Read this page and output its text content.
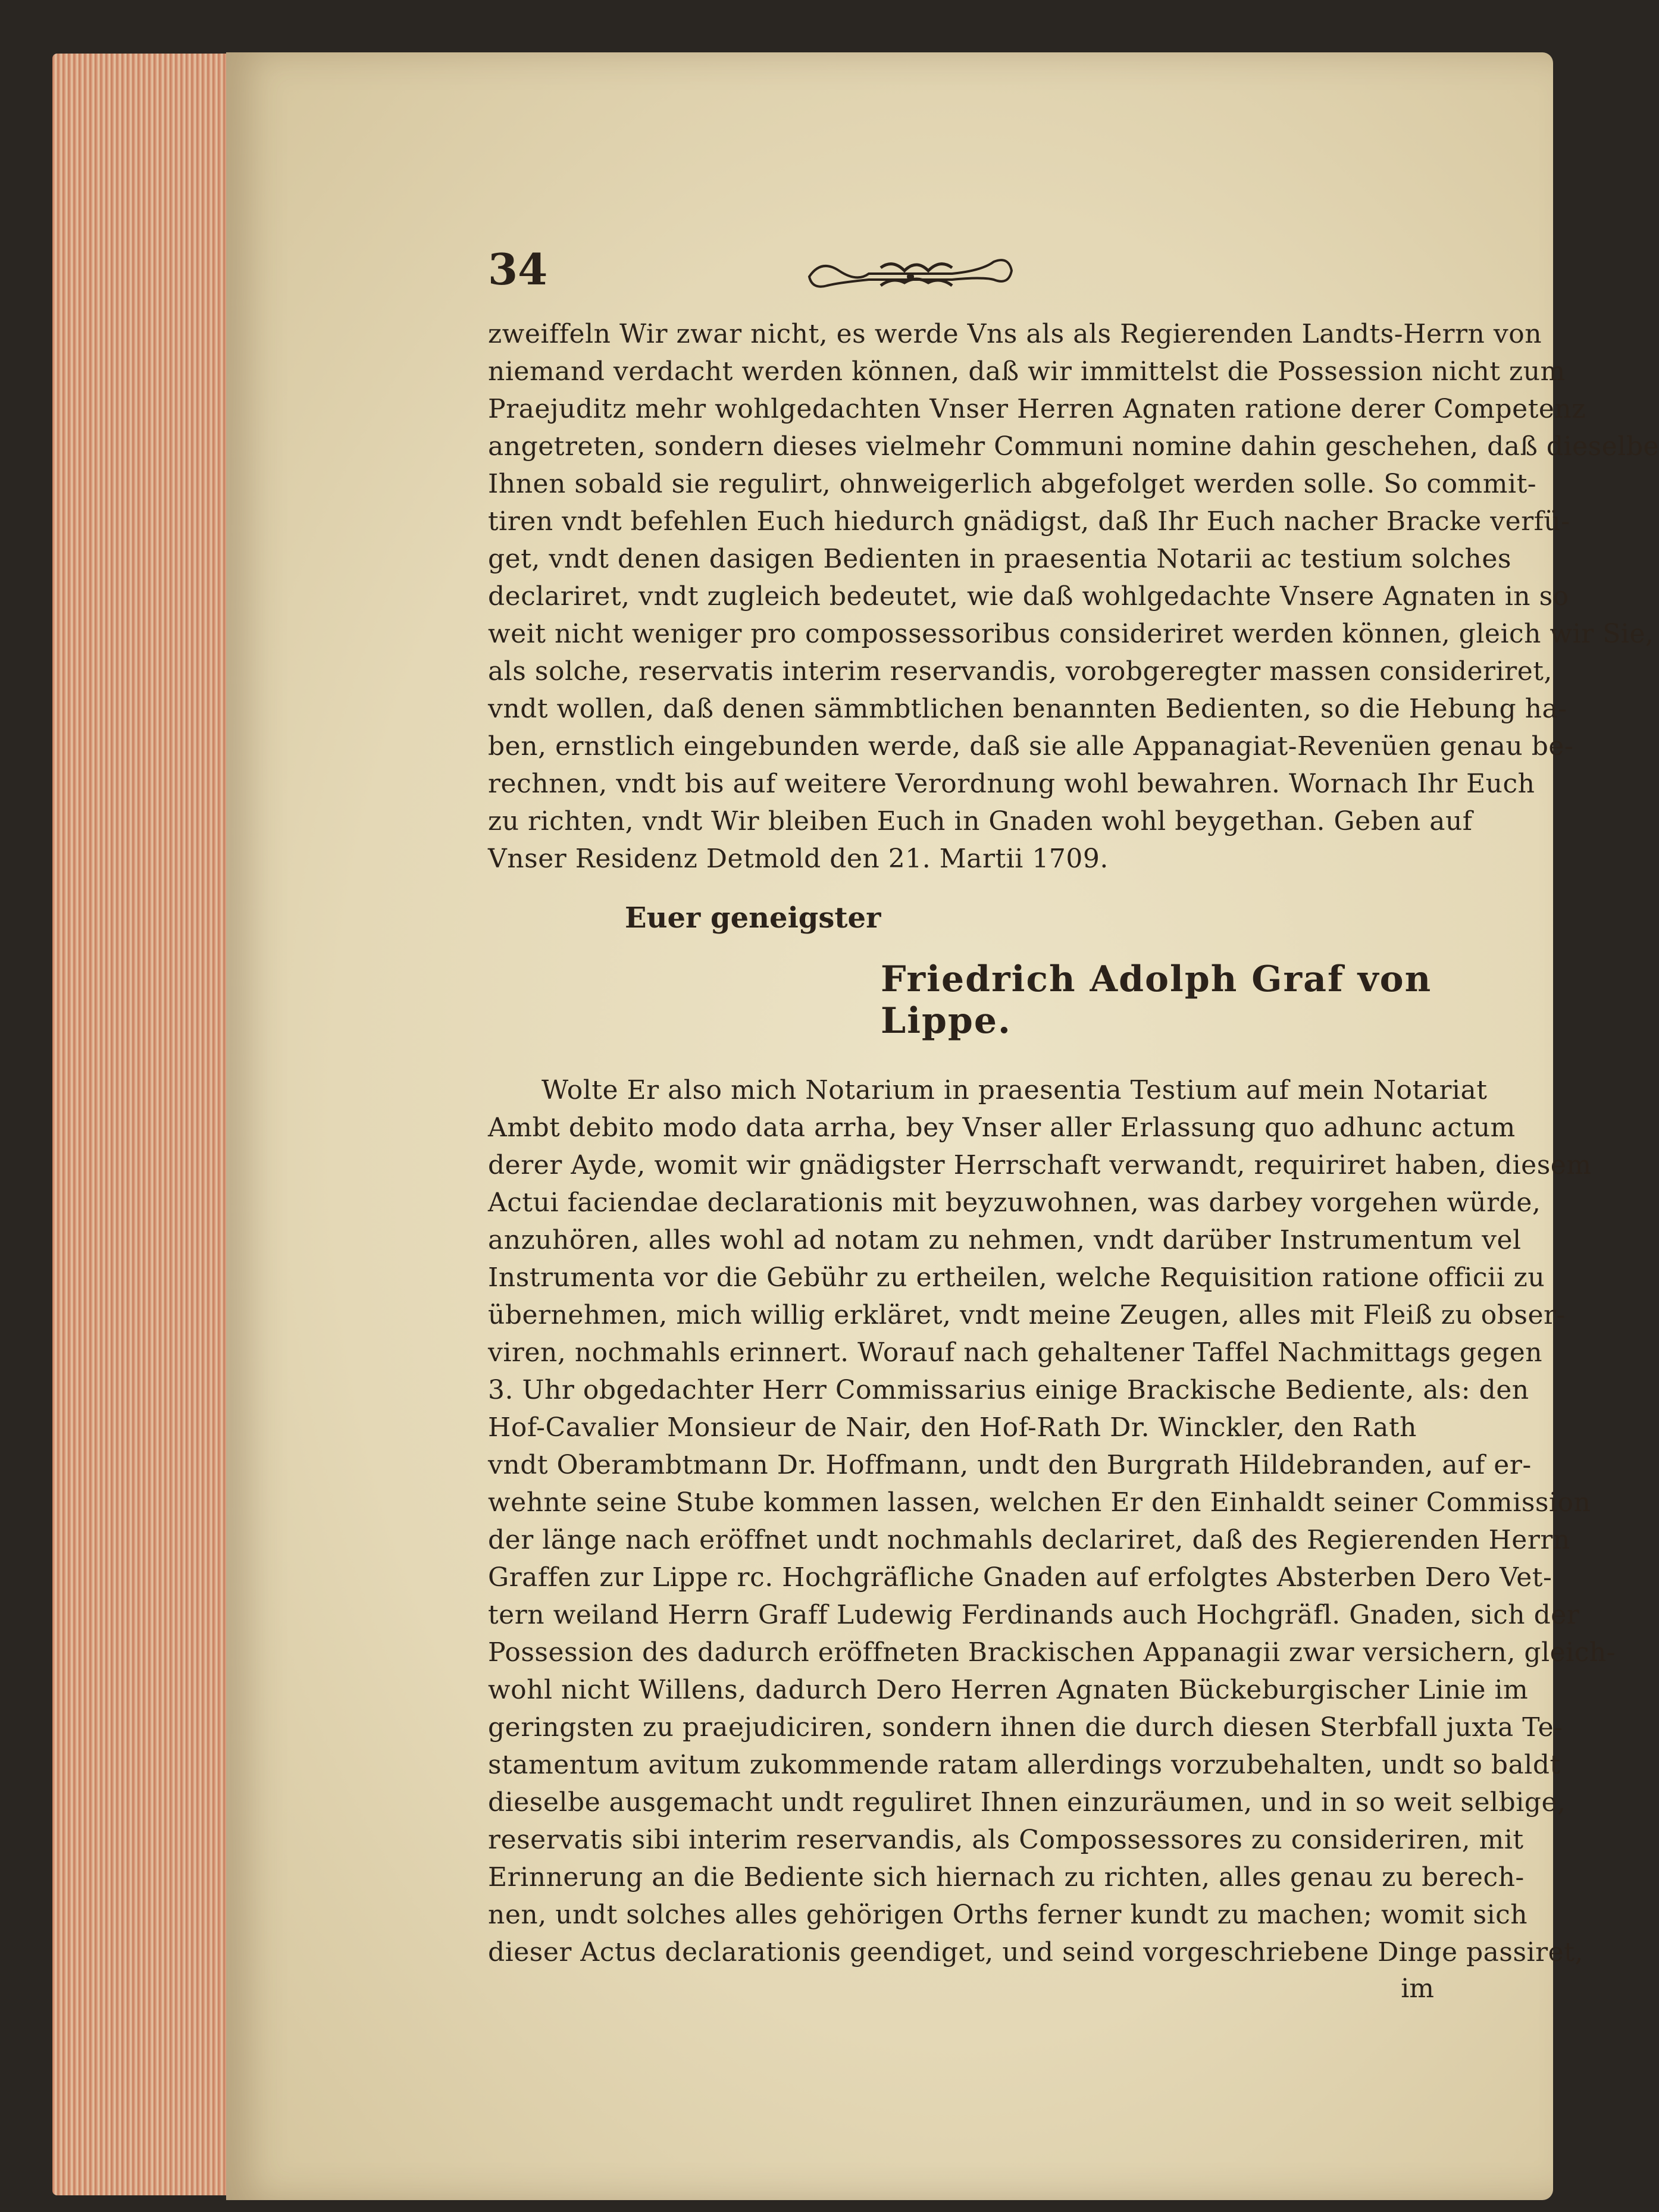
34
zweiffeln Wir zwar nicht, es werde Vns als als Regierenden Landts-Herrn von
niemand verdacht werden können, daß wir immittelst die Possession nicht zum
Praejuditz mehr wohlgedachten Vnser Herren Agnaten ratione derer Competenz
angetreten, sondern dieses vielmehr Communi nomine dahin geschehen, daß dieselbe
Ihnen sobald sie regulirt, ohnweigerlich abgefolget werden solle. So commit-
tiren vndt befehlen Euch hiedurch gnädigst, daß Ihr Euch nacher Bracke verfü-
get, vndt denen dasigen Bedienten in praesentia Notarii ac testium solches
declariret, vndt zugleich bedeutet, wie daß wohlgedachte Vnsere Agnaten in so
weit nicht weniger pro compossessoribus consideriret werden können, gleich wir Sie,
als solche, reservatis interim reservandis, vorobgeregter massen consideriret,
vndt wollen, daß denen sämmbtlichen benannten Bedienten, so die Hebung ha-
ben, ernstlich eingebunden werde, daß sie alle Appanagiat-Revenüen genau be-
rechnen, vndt bis auf weitere Verordnung wohl bewahren. Wornach Ihr Euch
zu richten, vndt Wir bleiben Euch in Gnaden wohl beygethan. Geben auf
Vnser Residenz Detmold den 21. Martii 1709.
Euer geneigster
Friedrich Adolph Graf von Lippe.
Wolte Er also mich Notarium in praesentia Testium auf mein Notariat
Ambt debito modo data arrha, bey Vnser aller Erlassung quo adhunc actum
derer Ayde, womit wir gnädigster Herrschaft verwandt, requiriret haben, diesem
Actui faciendae declarationis mit beyzuwohnen, was darbey vorgehen würde,
anzuhören, alles wohl ad notam zu nehmen, vndt darüber Instrumentum vel
Instrumenta vor die Gebühr zu ertheilen, welche Requisition ratione officii zu
übernehmen, mich willig erkläret, vndt meine Zeugen, alles mit Fleiß zu obser-
viren, nochmahls erinnert. Worauf nach gehaltener Taffel Nachmittags gegen
3. Uhr obgedachter Herr Commissarius einige Brackische Bediente, als: den
Hof-Cavalier Monsieur de Nair, den Hof-Rath Dr. Winckler, den Rath
vndt Oberambtmann Dr. Hoffmann, undt den Burgrath Hildebranden, auf er-
wehnte seine Stube kommen lassen, welchen Er den Einhaldt seiner Commission
der länge nach eröffnet undt nochmahls declariret, daß des Regierenden Herrn
Graffen zur Lippe rc. Hochgräfliche Gnaden auf erfolgtes Absterben Dero Vet-
tern weiland Herrn Graff Ludewig Ferdinands auch Hochgräfl. Gnaden, sich der
Possession des dadurch eröffneten Brackischen Appanagii zwar versichern, gleich-
wohl nicht Willens, dadurch Dero Herren Agnaten Bückeburgischer Linie im
geringsten zu praejudiciren, sondern ihnen die durch diesen Sterbfall juxta Te-
stamentum avitum zukommende ratam allerdings vorzubehalten, undt so baldt
dieselbe ausgemacht undt reguliret Ihnen einzuräumen, und in so weit selbige,
reservatis sibi interim reservandis, als Compossessores zu consideriren, mit
Erinnerung an die Bediente sich hiernach zu richten, alles genau zu berech-
nen, undt solches alles gehörigen Orths ferner kundt zu machen; womit sich
dieser Actus declarationis geendiget, und seind vorgeschriebene Dinge passiret,
im
